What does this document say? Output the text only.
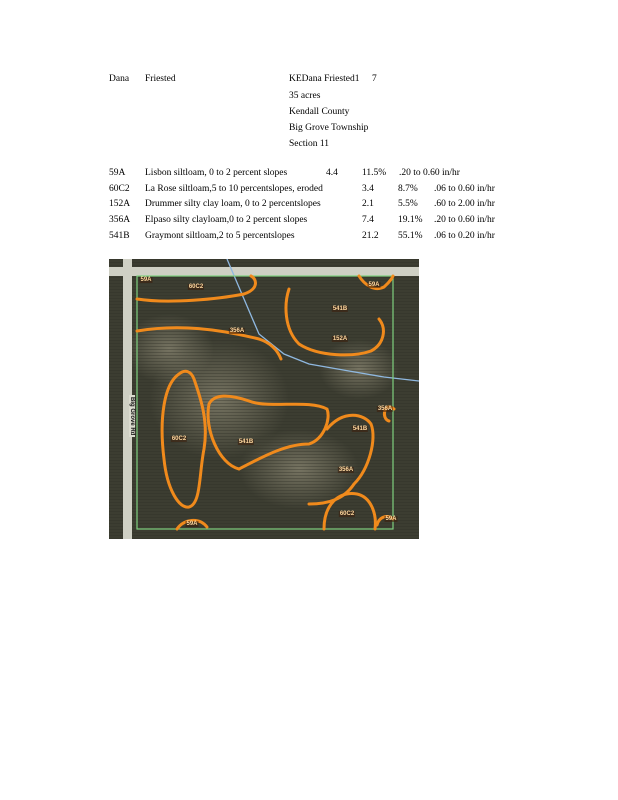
Dana Friested	KEDana Friested1 7
35 acres
Kendall County
Big Grove Township
Section 11
59A Lisbon siltloam, 0 to 2 percent slopes	4.4	11.5% .20 to 0.60 in/hr
60C2 La Rose siltloam,5 to 10 percentslopes, eroded	3.4	8.7% .06 to 0.60 in/hr
152A Drummer silty clay loam, 0 to 2 percentslopes	2.1	5.5% .60 to 2.00 in/hr
356A Elpaso silty clayloam,0 to 2 percent slopes	7.4	19.1% .20 to 0.60 in/hr
541B Graymont siltloam,2 to 5 percentslopes	21.2 55.1% .06 to 0.20 in/hr
59A
60C2	59A
541B
356A
152A
356A
60C2	541B
541B
356A
60C2
59A
59A
Big Grove Rd
